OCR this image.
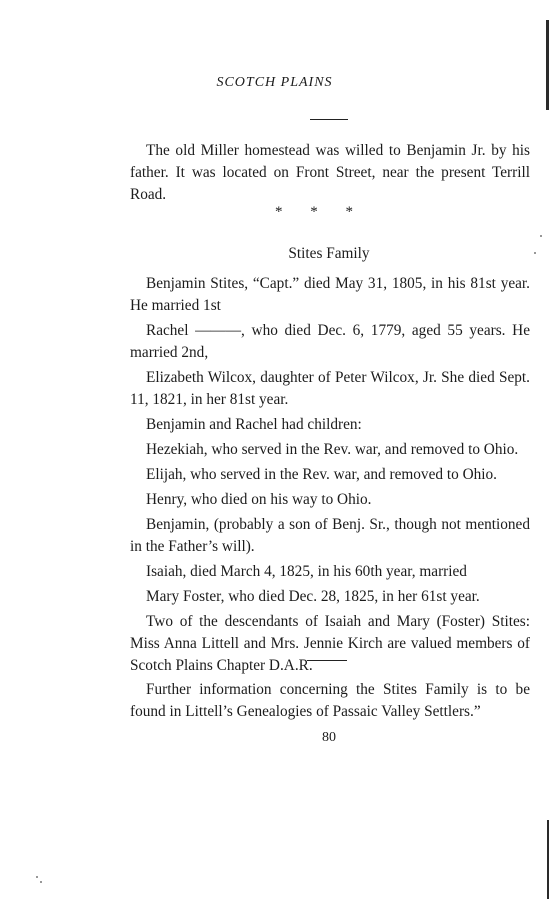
SCOTCH PLAINS

The old Miller homestead was willed to Benjamin Jr. by his father. It was located on Front Street, near the present Terrill Road.

* * *
Stites Family

Benjamin Stites, “Capt.” died May 31, 1805, in his 81st year. He married 1st

Rachel ———, who died Dec. 6, 1779, aged 55 years. He married 2nd,

Elizabeth Wilcox, daughter of Peter Wilcox, Jr. She died Sept. 11, 1821, in her 81st year.

Benjamin and Rachel had children:

Hezekiah, who served in the Rev. war, and removed to Ohio.

Elijah, who served in the Rev. war, and removed to Ohio.

Henry, who died on his way to Ohio.

Benjamin, (probably a son of Benj. Sr., though not mentioned in the Father’s will).

Isaiah, died March 4, 1825, in his 60th year, married

Mary Foster, who died Dec. 28, 1825, in her 61st year.

Two of the descendants of Isaiah and Mary (Foster) Stites: Miss Anna Littell and Mrs. Jennie Kirch are valued members of Scotch Plains Chapter D.A.R.

Further information concerning the Stites Family is to be found in Littell’s Genealogies of Passaic Valley Settlers.”

80
